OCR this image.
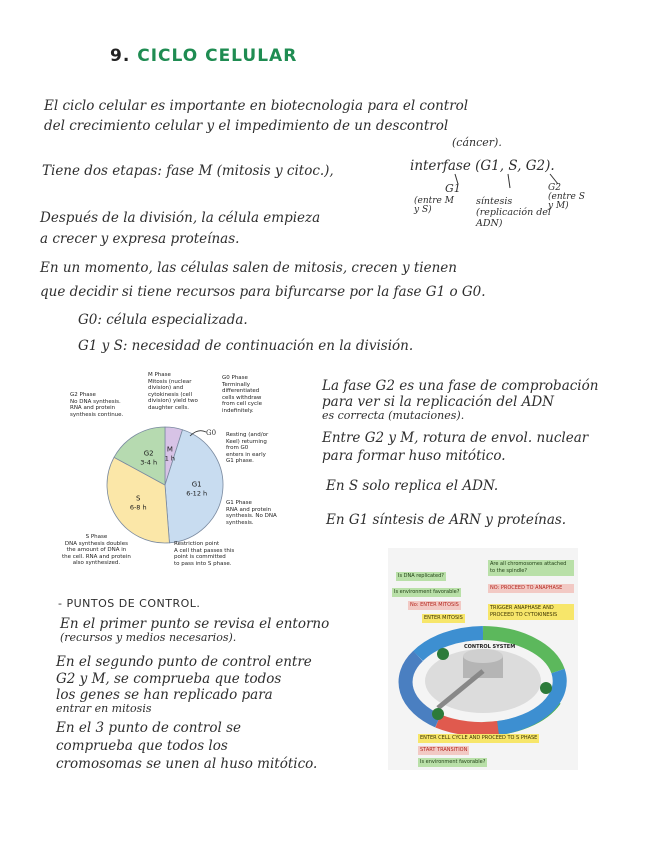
9. CICLO CELULAR
El ciclo celular es importante en biotecnologia para el control
del crecimiento celular y el impedimiento de un descontrol
(cáncer).
Tiene dos etapas: fase M (mitosis y citoc.),	interfase (G1, S, G2).
G1
(entre M y S)
síntesis (replicación del ADN)
G2 (entre S y M)
Después de la división, la célula empieza
a crecer y expresa proteínas.
En un momento, las células salen de mitosis, crecen y tienen
que decidir si tiene recursos para bifurcarse por la fase G1 o G0.
G0: célula especializada.
G1 y S: necesidad de continuación en la división.
M
1 h
G1
6-12 h
S
6-8 h
G2
3-4 h
G0
M Phase
Mitosis (nuclear
division) and
cytokinesis (cell
division) yield two
daughter cells.
G0 Phase
Terminally
differentiated
cells withdraw
from cell cycle
indefinitely.
G2 Phase
No DNA synthesis.
RNA and protein
synthesis continue.
Resting (and/or
Keel) returning
from G0
enters in early
G1 phase.
G1 Phase
RNA and protein
synthesis. No DNA
synthesis.
S Phase
DNA synthesis doubles
the amount of DNA in
the cell. RNA and protein
also synthesized.
Restriction point
A cell that passes this
point is committed
to pass into S phase.
La fase G2 es una fase de comprobación
para ver si la replicación del ADN
es correcta (mutaciones).
Entre G2 y M, rotura de envol. nuclear
para formar huso mitótico.
En S solo replica el ADN.
En G1 síntesis de ARN y proteínas.
- PUNTOS DE CONTROL.
En el primer punto se revisa el entorno
(recursos y medios necesarios).
En el segundo punto de control entre
G2 y M, se comprueba que todos
los genes se han replicado para
entrar en mitosis
En el 3 punto de control se
comprueba que todos los
cromosomas se unen al huso mitótico.
CONTROL SYSTEM
Is DNA replicated?
Is environment favorable?
No: ENTER MITOSIS
ENTER MITOSIS
Are all chromosomes attached to the spindle?
NO: PROCEED TO ANAPHASE
TRIGGER ANAPHASE AND PROCEED TO CYTOKINESIS
ENTER CELL CYCLE AND PROCEED TO S PHASE
START TRANSITION
Is environment favorable?
